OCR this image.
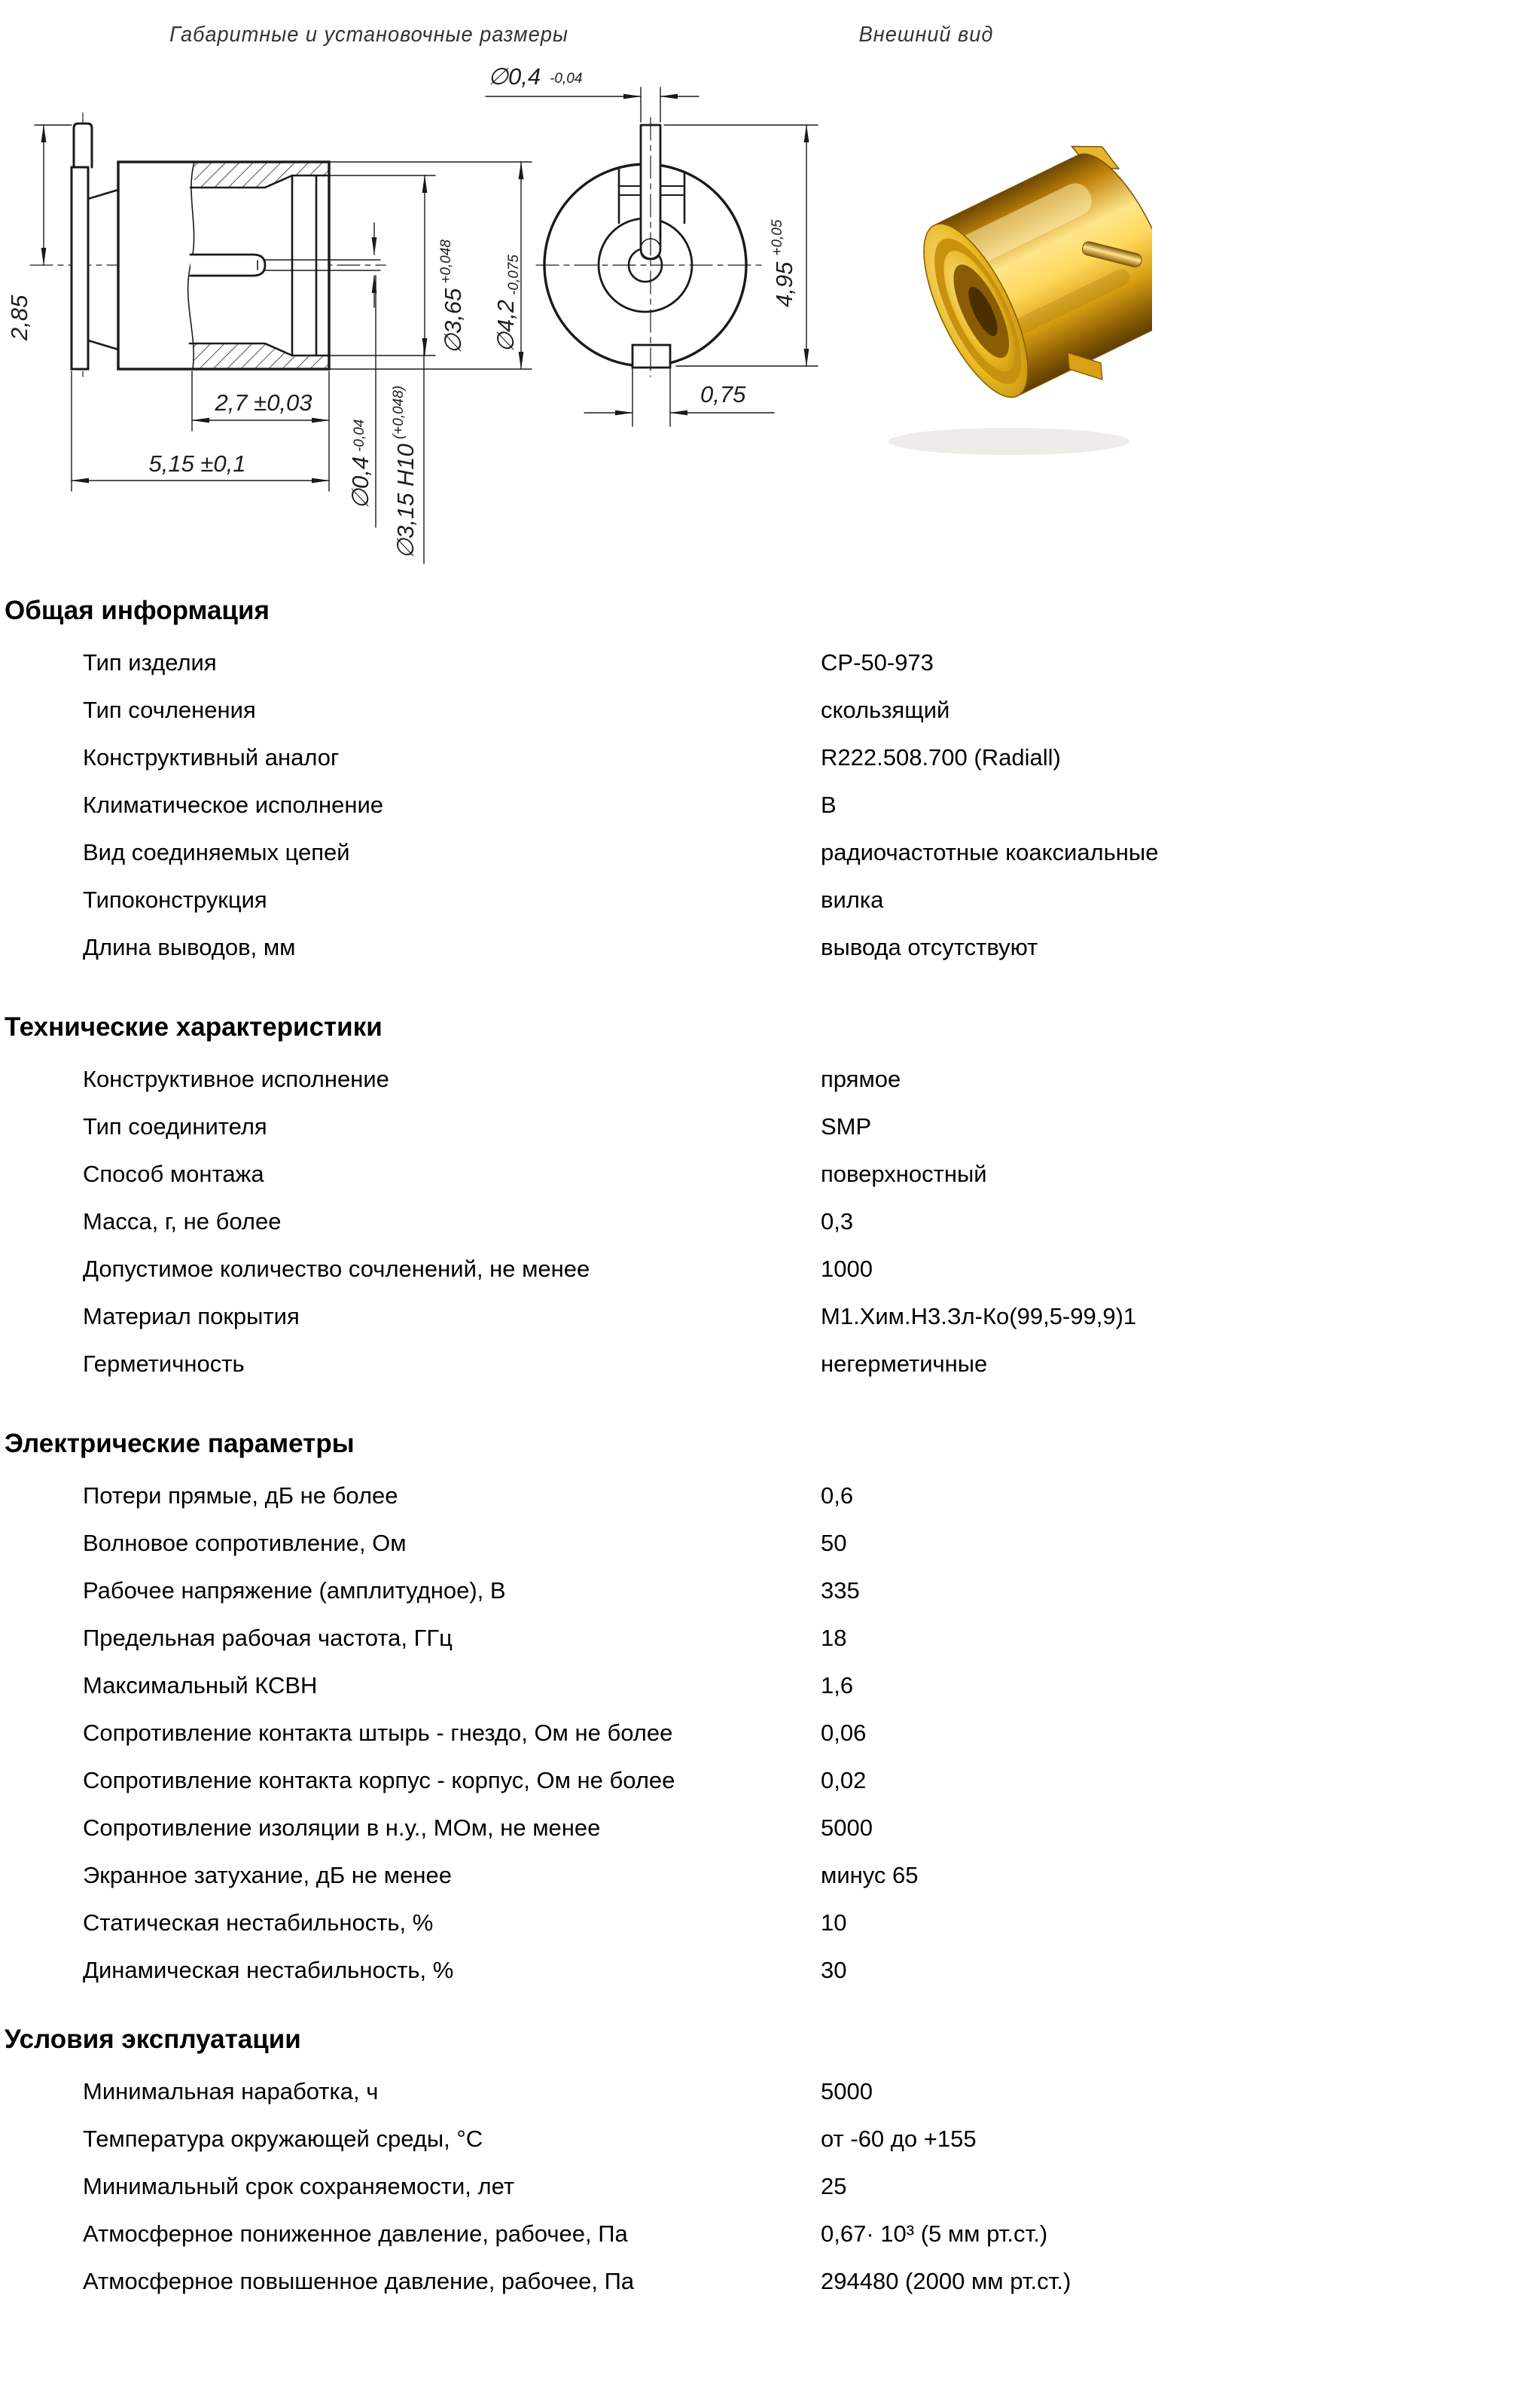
Габаритные и установочные размеры	Внешний вид
2,85
2,7 ±0,03
5,15 ±0,1
$\emptyset 3,65^{+0,048}$
∅4,2-0,075
∅0,4-0,04
∅3,15 $H10^{(+0,048)}$
∅0,4 -0,04
$4,95^{+0,05}$
0,75
Общая информация
Тип изделия	СР-50-973
Тип сочленения	скользящий
Конструктивный аналог	R222.508.700 (Radiall)
Климатическое исполнение	В
Вид соединяемых цепей	радиочастотные коаксиальные
Типоконструкция	вилка
Длина выводов, мм	вывода отсутствуют
Технические характеристики
Конструктивное исполнение	прямое
Тип соединителя	SMP
Способ монтажа	поверхностный
Масса, г, не более	0,3
Допустимое количество сочленений, не менее	1000
Материал покрытия	М1.Хим.Н3.Зл-Ко(99,5-99,9)1
Герметичность	негерметичные
Электрические параметры
Потери прямые, дБ не более	0,6
Волновое сопротивление, Ом	50
Рабочее напряжение (амплитудное), В	335
Предельная рабочая частота, ГГц	18
Максимальный КСВН	1,6
Сопротивление контакта штырь - гнездо, Ом не более	0,06
Сопротивление контакта корпус - корпус, Ом не более	0,02
Сопротивление изоляции в н.у., МОм, не менее	5000
Экранное затухание, дБ не менее	минус 65
Статическая нестабильность, %	10
Динамическая нестабильность, %	30
Условия эксплуатации
Минимальная наработка, ч	5000
Температура окружающей среды, °С	от -60 до +155
Минимальный срок сохраняемости, лет	25
Атмосферное пониженное давление, рабочее, Па	0,67· 10³ (5 мм рт.ст.)
Атмосферное повышенное давление, рабочее, Па	294480 (2000 мм рт.ст.)
